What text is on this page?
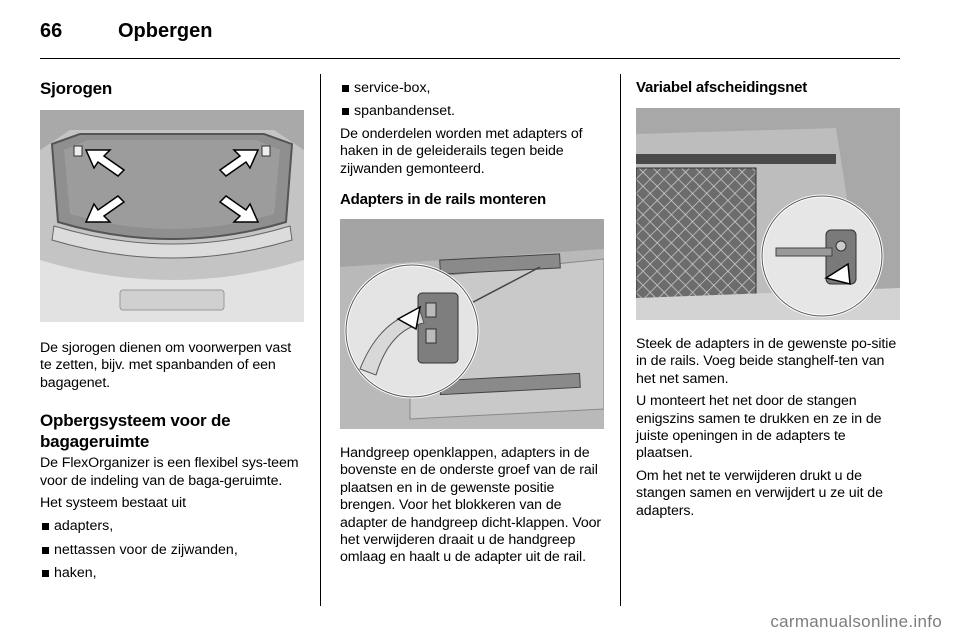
66	Opbergen
Sjorogen

De sjorogen dienen om voorwerpen vast te zetten, bijv. met spanbanden of een bagagenet.

Opbergsysteem voor de bagageruimte

De FlexOrganizer is een flexibel sys-teem voor de indeling van de baga-geruimte.

Het systeem bestaat uit

adapters,
nettassen voor de zijwanden,
haken,
service-box,
spanbandenset.

De onderdelen worden met adapters of haken in de geleiderails tegen beide zijwanden gemonteerd.

Adapters in de rails monteren

Handgreep openklappen, adapters in de bovenste en de onderste groef van de rail plaatsen en in de gewenste positie brengen. Voor het blokkeren van de adapter de handgreep dicht-klappen. Voor het verwijderen draait u de handgreep omlaag en haalt u de adapter uit de rail.

Variabel afscheidingsnet

Steek de adapters in de gewenste po-sitie in de rails. Voeg beide stanghelf-ten van het net samen.

U monteert het net door de stangen enigszins samen te drukken en ze in de juiste openingen in de adapters te plaatsen.

Om het net te verwijderen drukt u de stangen samen en verwijdert u ze uit de adapters.

carmanualsonline.info
